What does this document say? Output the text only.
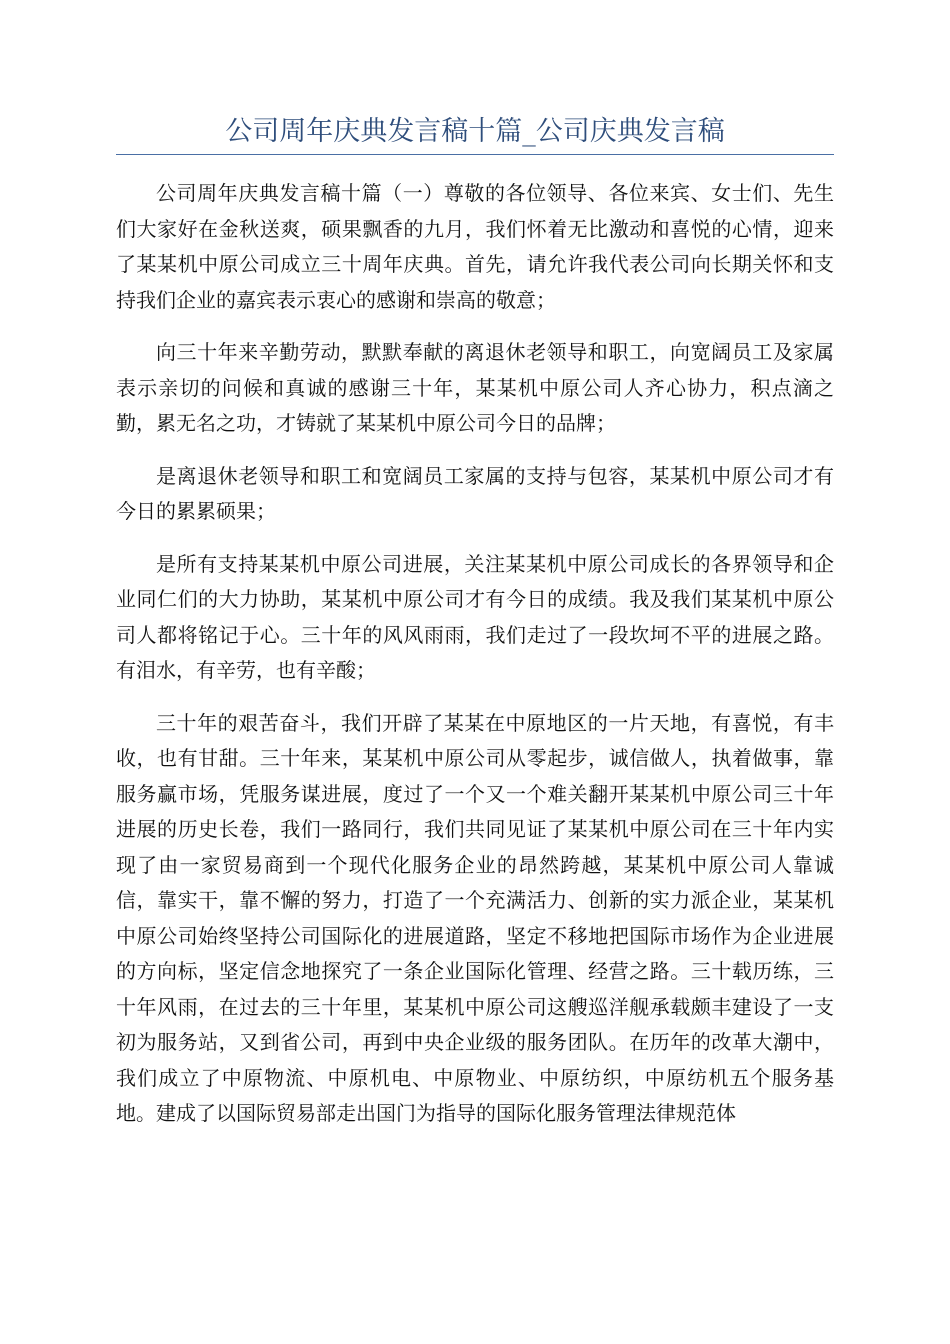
公司周年庆典发言稿十篇_公司庆典发言稿

公司周年庆典发言稿十篇（一）尊敬的各位领导、各位来宾、女士们、先生们大家好在金秋送爽，硕果飘香的九月，我们怀着无比激动和喜悦的心情，迎来了某某机中原公司成立三十周年庆典。首先，请允许我代表公司向长期关怀和支持我们企业的嘉宾表示衷心的感谢和崇高的敬意；

向三十年来辛勤劳动，默默奉献的离退休老领导和职工，向宽阔员工及家属表示亲切的问候和真诚的感谢三十年，某某机中原公司人齐心协力，积点滴之勤，累无名之功，才铸就了某某机中原公司今日的品牌；

是离退休老领导和职工和宽阔员工家属的支持与包容，某某机中原公司才有今日的累累硕果；

是所有支持某某机中原公司进展，关注某某机中原公司成长的各界领导和企业同仁们的大力协助，某某机中原公司才有今日的成绩。我及我们某某机中原公司人都将铭记于心。三十年的风风雨雨，我们走过了一段坎坷不平的进展之路。有泪水，有辛劳，也有辛酸；

三十年的艰苦奋斗，我们开辟了某某在中原地区的一片天地，有喜悦，有丰收，也有甘甜。三十年来，某某机中原公司从零起步，诚信做人，执着做事，靠服务赢市场，凭服务谋进展，度过了一个又一个难关翻开某某机中原公司三十年进展的历史长卷，我们一路同行，我们共同见证了某某机中原公司在三十年内实现了由一家贸易商到一个现代化服务企业的昂然跨越，某某机中原公司人靠诚信，靠实干，靠不懈的努力，打造了一个充满活力、创新的实力派企业，某某机中原公司始终坚持公司国际化的进展道路，坚定不移地把国际市场作为企业进展的方向标，坚定信念地探究了一条企业国际化管理、经营之路。三十载历练，三十年风雨，在过去的三十年里，某某机中原公司这艘巡洋舰承载颇丰建设了一支初为服务站，又到省公司，再到中央企业级的服务团队。在历年的改革大潮中，我们成立了中原物流、中原机电、中原物业、中原纺织，中原纺机五个服务基地。建成了以国际贸易部走出国门为指导的国际化服务管理法律规范体
